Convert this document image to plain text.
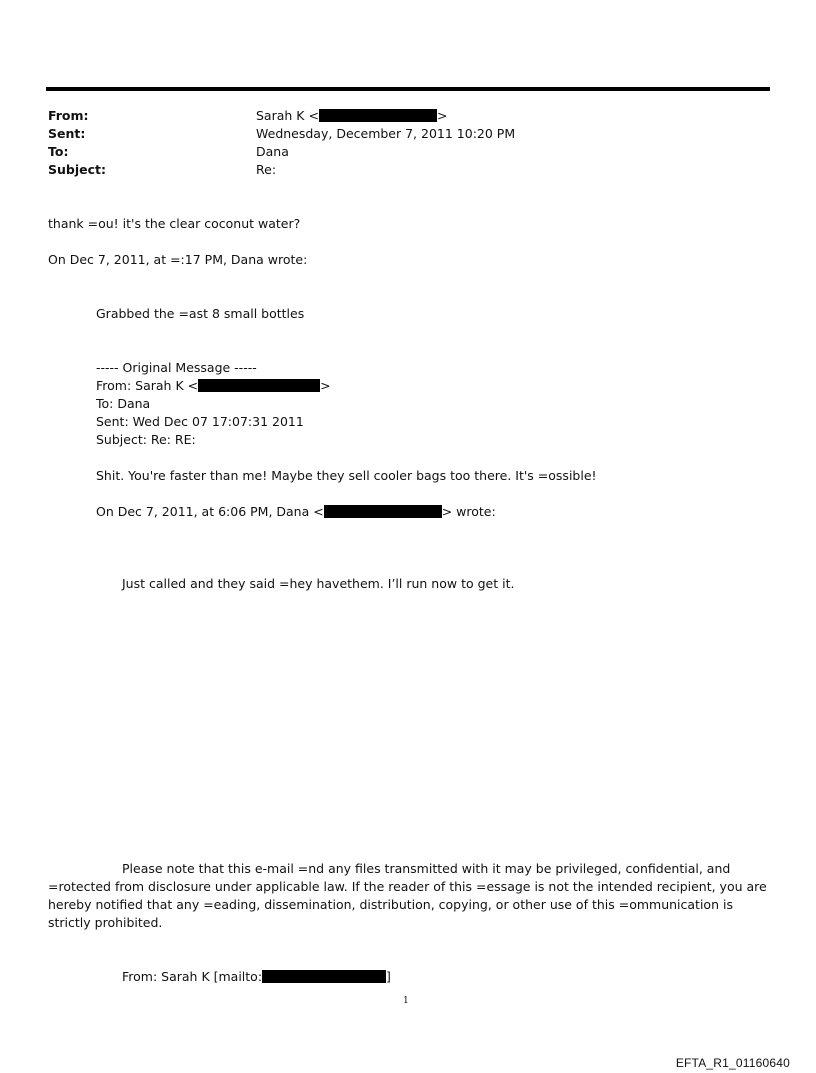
From:	Sarah K <	>
Sent:	Wednesday, December 7, 2011 10:20 PM
To:	Dana
Subject:	Re:
thank =ou! it's the clear coconut water?
On Dec 7, 2011, at =:17 PM, Dana wrote:
Grabbed the =ast 8 small bottles
----- Original Message -----
From: Sarah K <	>
To: Dana
Sent: Wed Dec 07 17:07:31 2011
Subject: Re: RE:
Shit. You're faster than me! Maybe they sell cooler bags too there. It's =ossible!
On Dec 7, 2011, at 6:06 PM, Dana <	> wrote:
Just called and they said =hey havethem. I’ll run now to get it.
Please note that this e-mail =nd any files transmitted with it may be privileged, confidential, and =rotected from disclosure under applicable law. If the reader of this =essage is not the intended recipient, you are hereby notified that any =eading, dissemination, distribution, copying, or other use of this =ommunication is strictly prohibited.
From: Sarah K [mailto:	]
1
EFTA_R1_01160640
